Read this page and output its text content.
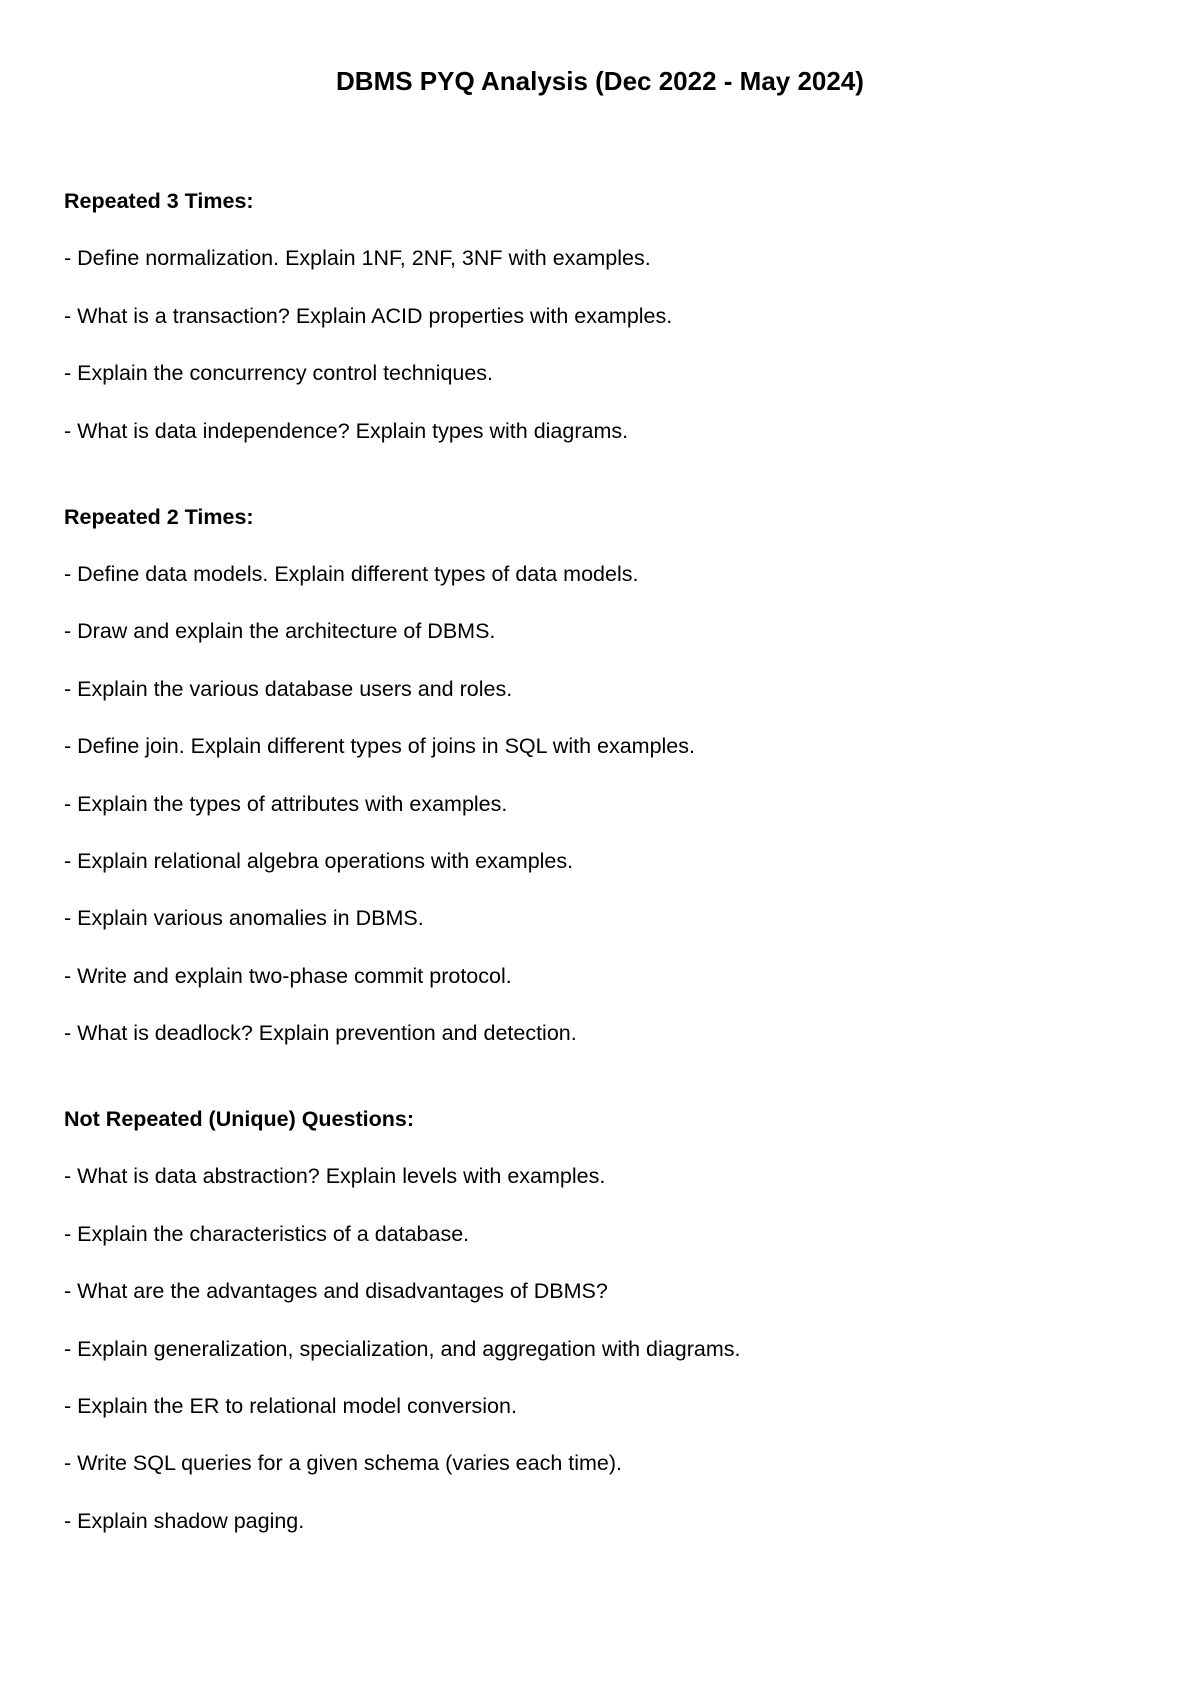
DBMS PYQ Analysis (Dec 2022 - May 2024)

Repeated 3 Times:

- Define normalization. Explain 1NF, 2NF, 3NF with examples.
- What is a transaction? Explain ACID properties with examples.
- Explain the concurrency control techniques.
- What is data independence? Explain types with diagrams.

Repeated 2 Times:

- Define data models. Explain different types of data models.
- Draw and explain the architecture of DBMS.
- Explain the various database users and roles.
- Define join. Explain different types of joins in SQL with examples.
- Explain the types of attributes with examples.
- Explain relational algebra operations with examples.
- Explain various anomalies in DBMS.
- Write and explain two-phase commit protocol.
- What is deadlock? Explain prevention and detection.

Not Repeated (Unique) Questions:

- What is data abstraction? Explain levels with examples.
- Explain the characteristics of a database.
- What are the advantages and disadvantages of DBMS?
- Explain generalization, specialization, and aggregation with diagrams.
- Explain the ER to relational model conversion.
- Write SQL queries for a given schema (varies each time).
- Explain shadow paging.
